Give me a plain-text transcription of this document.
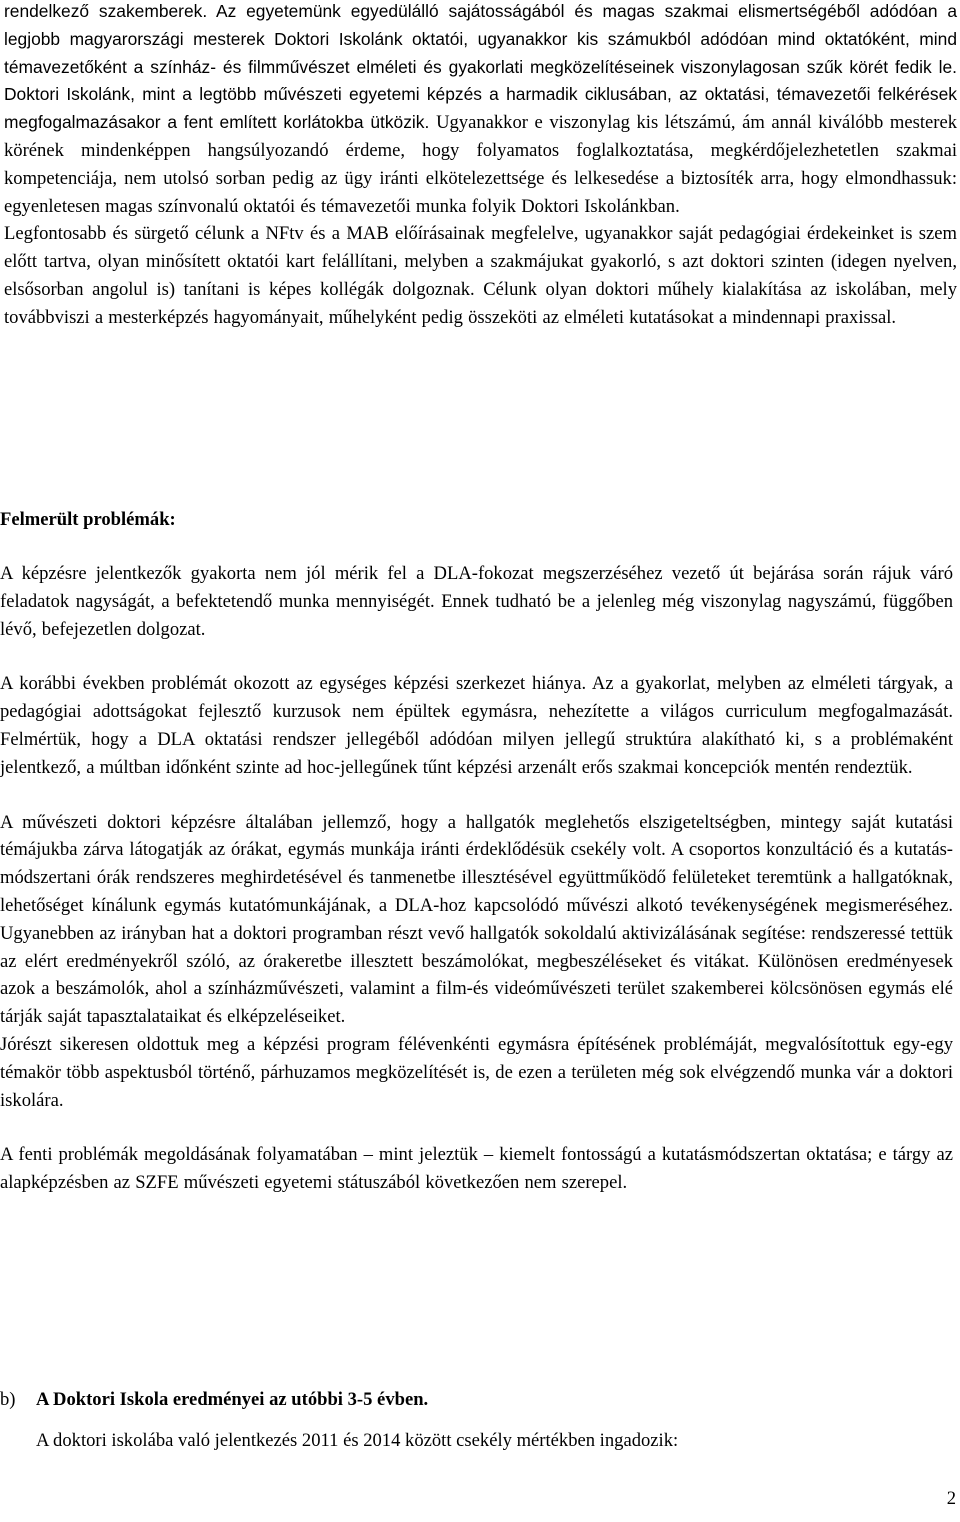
rendelkező szakemberek. Az egyetemünk egyedülálló sajátosságából és magas szakmai elismertségéből adódóan a legjobb magyarországi mesterek Doktori Iskolánk oktatói, ugyanakkor kis számukból adódóan mind oktatóként, mind témavezetőként a színház- és filmművészet elméleti és gyakorlati megközelítéseinek viszonylagosan szűk körét fedik le. Doktori Iskolánk, mint a legtöbb művészeti egyetemi képzés a harmadik ciklusában, az oktatási, témavezetői felkérések megfogalmazásakor a fent említett korlátokba ütközik. Ugyanakkor e viszonylag kis létszámú, ám annál kiválóbb mesterek körének mindenképpen hangsúlyozandó érdeme, hogy folyamatos foglalkoztatása, megkérdőjelezhetetlen szakmai kompetenciája, nem utolsó sorban pedig az ügy iránti elkötelezettsége és lelkesedése a biztosíték arra, hogy elmondhassuk: egyenletesen magas színvonalú oktatói és témavezetői munka folyik Doktori Iskolánkban.

Legfontosabb és sürgető célunk a NFtv és a MAB előírásainak megfelelve, ugyanakkor saját pedagógiai érdekeinket is szem előtt tartva, olyan minősített oktatói kart felállítani, melyben a szakmájukat gyakorló, s azt doktori szinten (idegen nyelven, elsősorban angolul is) tanítani is képes kollégák dolgoznak. Célunk olyan doktori műhely kialakítása az iskolában, mely továbbviszi a mesterképzés hagyományait, műhelyként pedig összeköti az elméleti kutatásokat a mindennapi praxissal.

Felmerült problémák:

A képzésre jelentkezők gyakorta nem jól mérik fel a DLA-fokozat megszerzéséhez vezető út bejárása során rájuk váró feladatok nagyságát, a befektetendő munka mennyiségét. Ennek tudható be a jelenleg még viszonylag nagyszámú, függőben lévő, befejezetlen dolgozat.

A korábbi években problémát okozott az egységes képzési szerkezet hiánya. Az a gyakorlat, melyben az elméleti tárgyak, a pedagógiai adottságokat fejlesztő kurzusok nem épültek egymásra, nehezítette a világos curriculum megfogalmazását. Felmértük, hogy a DLA oktatási rendszer jellegéből adódóan milyen jellegű struktúra alakítható ki, s a problémaként jelentkező, a múltban időnként szinte ad hoc-jellegűnek tűnt képzési arzenált erős szakmai koncepciók mentén rendeztük.

A művészeti doktori képzésre általában jellemző, hogy a hallgatók meglehetős elszigeteltségben, mintegy saját kutatási témájukba zárva látogatják az órákat, egymás munkája iránti érdeklődésük csekély volt. A csoportos konzultáció és a kutatás-módszertani órák rendszeres meghirdetésével és tanmenetbe illesztésével együttműködő felületeket teremtünk a hallgatóknak, lehetőséget kínálunk egymás kutatómunkájának, a DLA-hoz kapcsolódó művészi alkotó tevékenységének megismeréséhez. Ugyanebben az irányban hat a doktori programban részt vevő hallgatók sokoldalú aktivizálásának segítése: rendszeressé tettük az elért eredményekről szóló, az órakeretbe illesztett beszámolókat, megbeszéléseket és vitákat. Különösen eredményesek azok a beszámolók, ahol a színházművészeti, valamint a film-és videóművészeti terület szakemberei kölcsönösen egymás elé tárják saját tapasztalataikat és elképzeléseiket.

Jórészt sikeresen oldottuk meg a képzési program félévenkénti egymásra építésének problémáját, megvalósítottuk egy-egy témakör több aspektusból történő, párhuzamos megközelítését is, de ezen a területen még sok elvégzendő munka vár a doktori iskolára.

A fenti problémák megoldásának folyamatában – mint jeleztük – kiemelt fontosságú a kutatásmódszertan oktatása; e tárgy az alapképzésben az SZFE művészeti egyetemi státuszából következően nem szerepel.

b) A Doktori Iskola eredményei az utóbbi 3-5 évben.
A doktori iskolába való jelentkezés 2011 és 2014 között csekély mértékben ingadozik:
2
